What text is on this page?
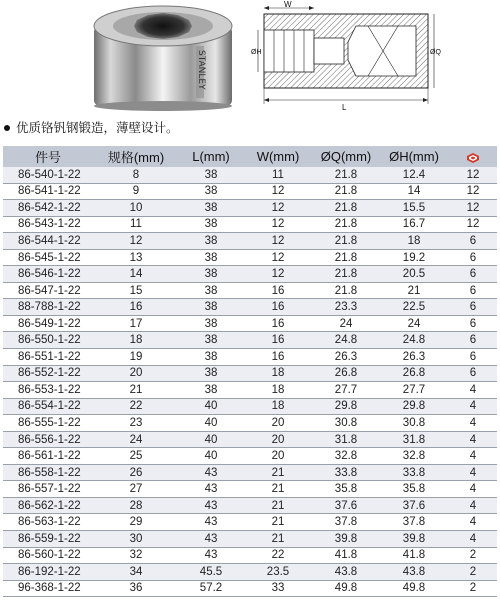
STANLEY
W
L
ØH	ØQ
优质铬钒钢锻造，薄壁设计。
件号	规格(mm)	L(mm)	W(mm)	ØQ(mm)	ØH(mm)	
86-540-1-22	8	38	11	21.8	12.4	12
86-541-1-22	9	38	12	21.8	14	12
86-542-1-22	10	38	12	21.8	15.5	12
86-543-1-22	11	38	12	21.8	16.7	12
86-544-1-22	12	38	12	21.8	18	6
86-545-1-22	13	38	12	21.8	19.2	6
86-546-1-22	14	38	12	21.8	20.5	6
86-547-1-22	15	38	16	21.8	21	6
88-788-1-22	16	38	16	23.3	22.5	6
86-549-1-22	17	38	16	24	24	6
86-550-1-22	18	38	16	24.8	24.8	6
86-551-1-22	19	38	16	26.3	26.3	6
86-552-1-22	20	38	18	26.8	26.8	6
86-553-1-22	21	38	18	27.7	27.7	4
86-554-1-22	22	40	18	29.8	29.8	4
86-555-1-22	23	40	20	30.8	30.8	4
86-556-1-22	24	40	20	31.8	31.8	4
86-561-1-22	25	40	20	32.8	32.8	4
86-558-1-22	26	43	21	33.8	33.8	4
86-557-1-22	27	43	21	35.8	35.8	4
86-562-1-22	28	43	21	37.6	37.6	4
86-563-1-22	29	43	21	37.8	37.8	4
86-559-1-22	30	43	21	39.8	39.8	4
86-560-1-22	32	43	22	41.8	41.8	2
86-192-1-22	34	45.5	23.5	43.8	43.8	2
96-368-1-22	36	57.2	33	49.8	49.8	2
